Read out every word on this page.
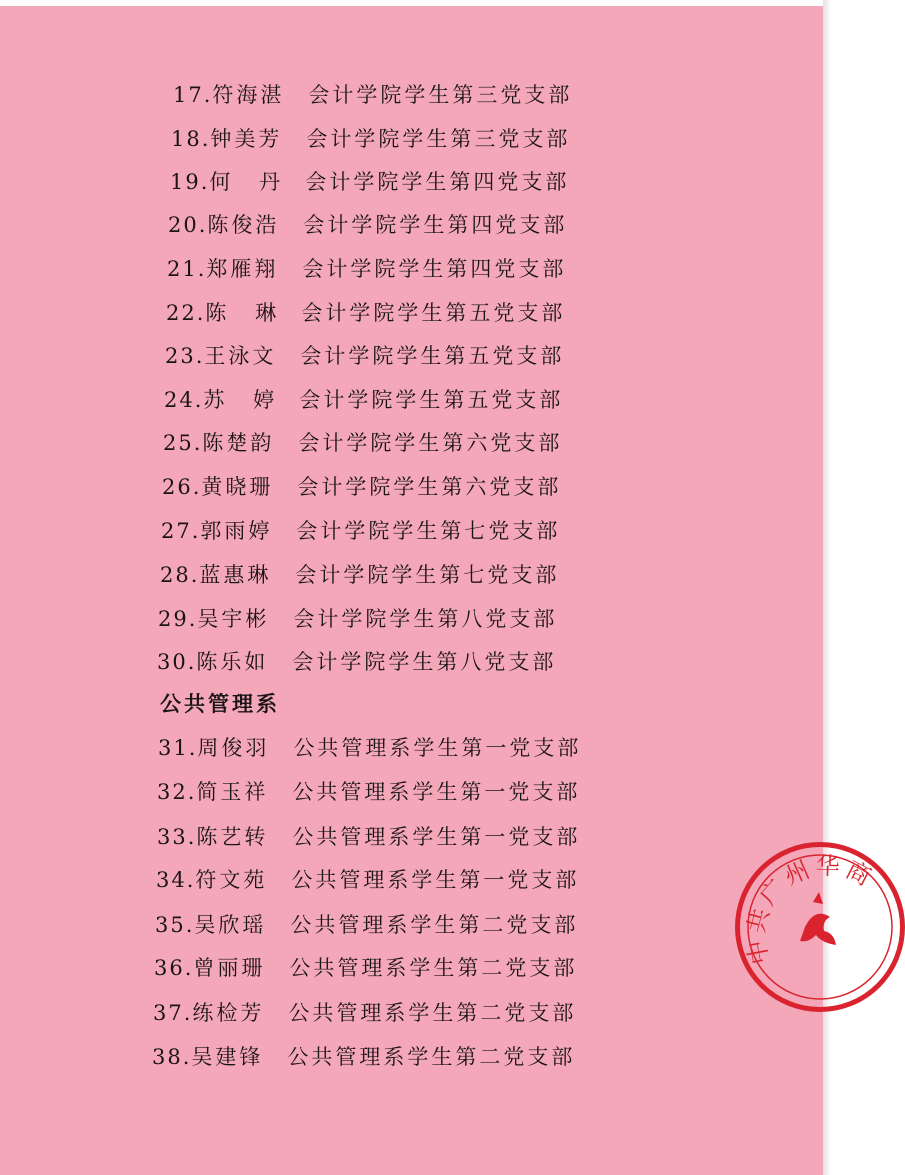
17.符海湛 会计学院学生第三党支部
18.钟美芳 会计学院学生第三党支部
19.何 丹 会计学院学生第四党支部
20.陈俊浩 会计学院学生第四党支部
21.郑雁翔 会计学院学生第四党支部
22.陈 琳 会计学院学生第五党支部
23.王泳文 会计学院学生第五党支部
24.苏 婷 会计学院学生第五党支部
25.陈楚韵 会计学院学生第六党支部
26.黄晓珊 会计学院学生第六党支部
27.郭雨婷 会计学院学生第七党支部
28.蓝惠琳 会计学院学生第七党支部
29.吴宇彬 会计学院学生第八党支部
30.陈乐如 会计学院学生第八党支部
31.周俊羽 公共管理系学生第一党支部
32.简玉祥 公共管理系学生第一党支部
33.陈艺转 公共管理系学生第一党支部
34.符文苑 公共管理系学生第一党支部
35.吴欣瑶 公共管理系学生第二党支部
36.曾丽珊 公共管理系学生第二党支部
37.练检芳 公共管理系学生第二党支部
38.吴建锋 公共管理系学生第二党支部
公共管理系
中共广州华商
